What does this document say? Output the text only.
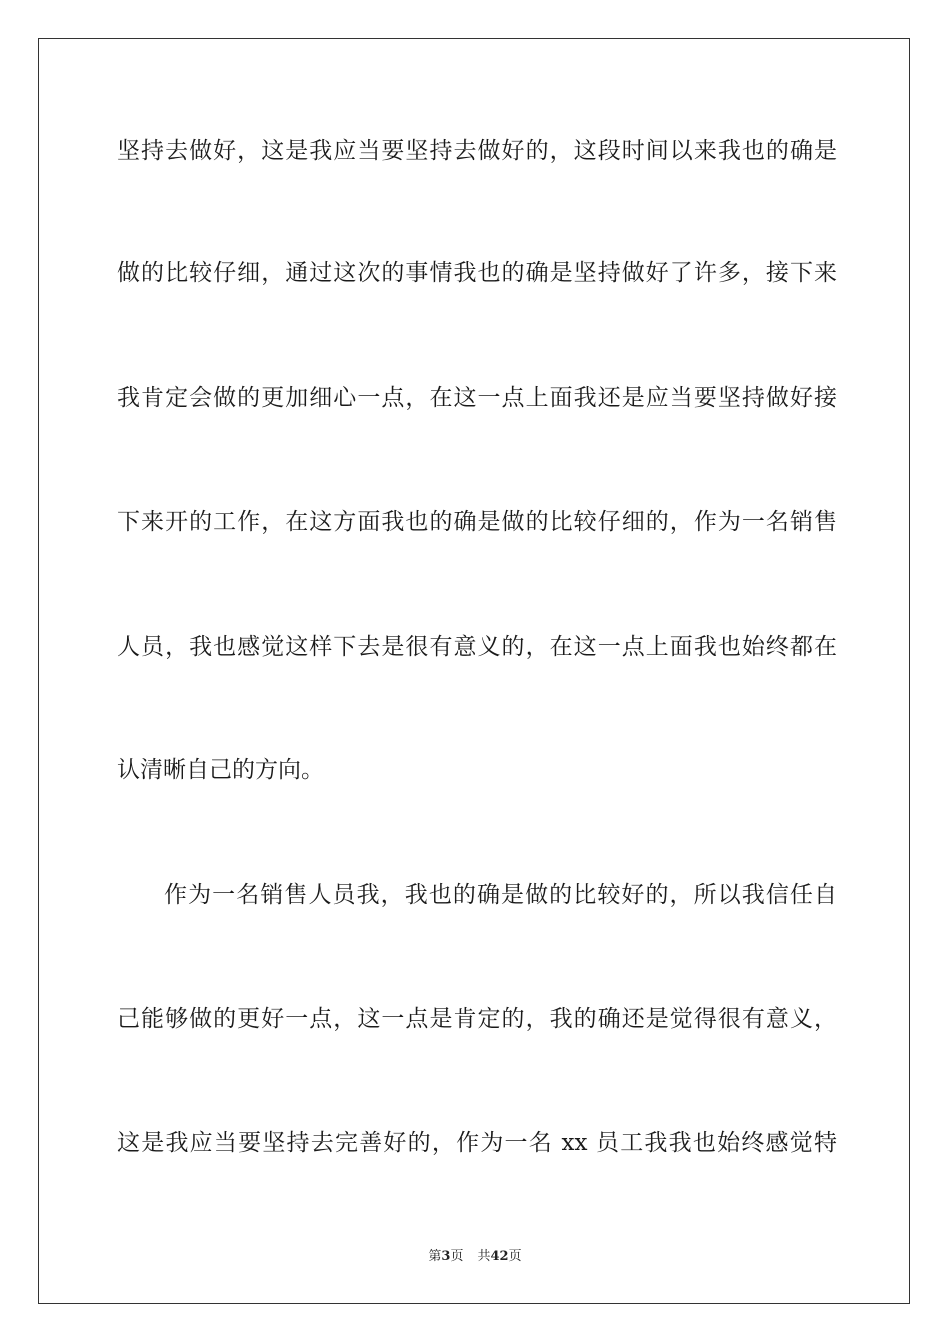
坚持去做好，这是我应当要坚持去做好的，这段时间以来我也的确是
做的比较仔细，通过这次的事情我也的确是坚持做好了许多，接下来
我肯定会做的更加细心一点，在这一点上面我还是应当要坚持做好接
下来开的工作，在这方面我也的确是做的比较仔细的，作为一名销售
人员，我也感觉这样下去是很有意义的，在这一点上面我也始终都在
认清晰自己的方向。
作为一名销售人员我，我也的确是做的比较好的，所以我信任自
己能够做的更好一点，这一点是肯定的，我的确还是觉得很有意义，
这是我应当要坚持去完善好的，作为一名 xx 员工我我也始终感觉特
第3页 共42页
